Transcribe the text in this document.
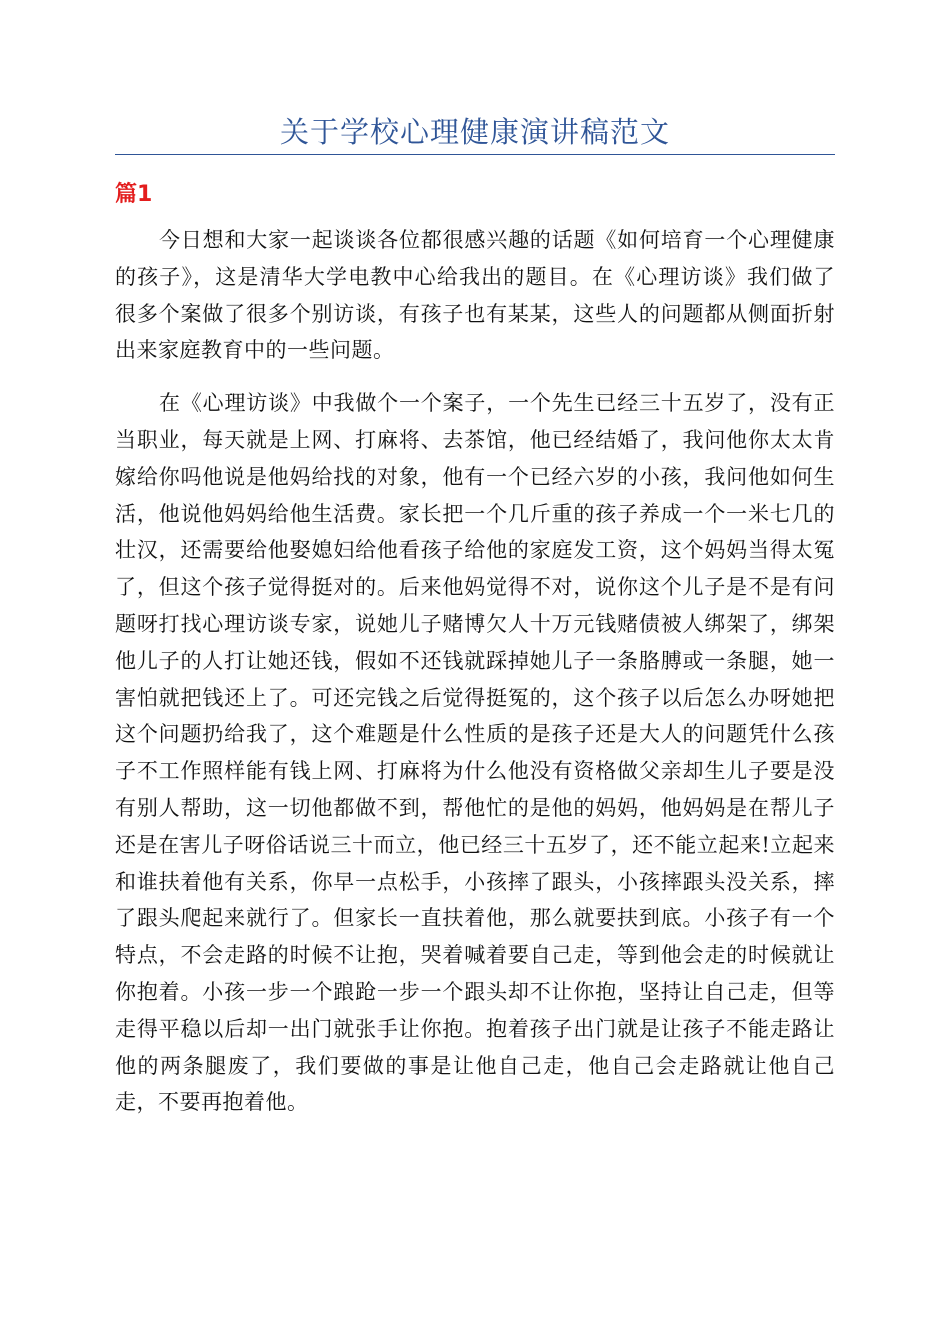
关于学校心理健康演讲稿范文
篇1

今日想和大家一起谈谈各位都很感兴趣的话题《如何培育一个心理健康的孩子》，这是清华大学电教中心给我出的题目。在《心理访谈》我们做了很多个案做了很多个别访谈，有孩子也有某某，这些人的问题都从侧面折射出来家庭教育中的一些问题。

在《心理访谈》中我做个一个案子，一个先生已经三十五岁了，没有正当职业，每天就是上网、打麻将、去茶馆，他已经结婚了，我问他你太太肯嫁给你吗他说是他妈给找的对象，他有一个已经六岁的小孩，我问他如何生活，他说他妈妈给他生活费。家长把一个几斤重的孩子养成一个一米七几的壮汉，还需要给他娶媳妇给他看孩子给他的家庭发工资，这个妈妈当得太冤了，但这个孩子觉得挺对的。后来他妈觉得不对，说你这个儿子是不是有问题呀打找心理访谈专家，说她儿子赌博欠人十万元钱赌债被人绑架了，绑架他儿子的人打让她还钱，假如不还钱就踩掉她儿子一条胳膊或一条腿，她一害怕就把钱还上了。可还完钱之后觉得挺冤的，这个孩子以后怎么办呀她把这个问题扔给我了，这个难题是什么性质的是孩子还是大人的问题凭什么孩子不工作照样能有钱上网、打麻将为什么他没有资格做父亲却生儿子要是没有别人帮助，这一切他都做不到，帮他忙的是他的妈妈，他妈妈是在帮儿子还是在害儿子呀俗话说三十而立，他已经三十五岁了，还不能立起来!立起来和谁扶着他有关系，你早一点松手，小孩摔了跟头，小孩摔跟头没关系，摔了跟头爬起来就行了。但家长一直扶着他，那么就要扶到底。小孩子有一个特点，不会走路的时候不让抱，哭着喊着要自己走，等到他会走的时候就让你抱着。小孩一步一个踉跄一步一个跟头却不让你抱，坚持让自己走，但等走得平稳以后却一出门就张手让你抱。抱着孩子出门就是让孩子不能走路让他的两条腿废了，我们要做的事是让他自己走，他自己会走路就让他自己走，不要再抱着他。
